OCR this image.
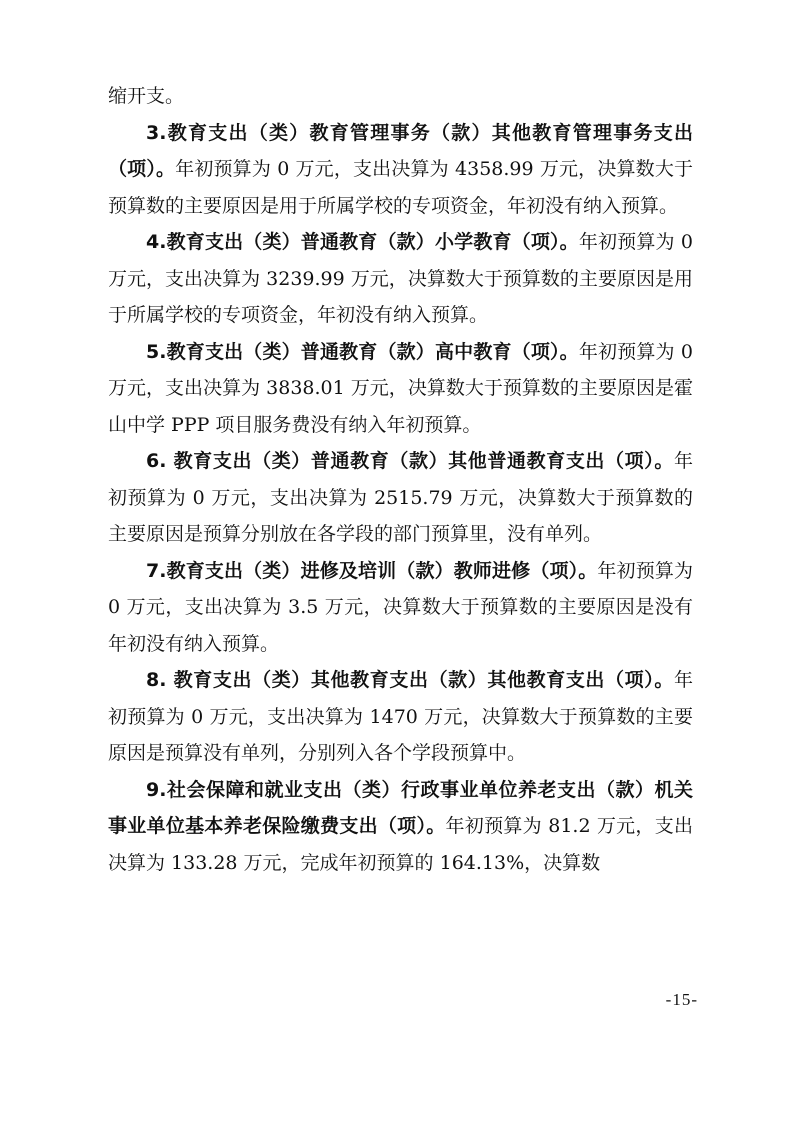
缩开支。

3.教育支出（类）教育管理事务（款）其他教育管理事务支出（项）。年初预算为 0 万元，支出决算为 4358.99 万元，决算数大于预算数的主要原因是用于所属学校的专项资金，年初没有纳入预算。

4.教育支出（类）普通教育（款）小学教育（项）。年初预算为 0 万元，支出决算为 3239.99 万元，决算数大于预算数的主要原因是用于所属学校的专项资金，年初没有纳入预算。

5.教育支出（类）普通教育（款）高中教育（项）。年初预算为 0 万元，支出决算为 3838.01 万元，决算数大于预算数的主要原因是霍山中学 PPP 项目服务费没有纳入年初预算。

6. 教育支出（类）普通教育（款）其他普通教育支出（项）。年初预算为 0 万元，支出决算为 2515.79 万元，决算数大于预算数的主要原因是预算分别放在各学段的部门预算里，没有单列。

7.教育支出（类）进修及培训（款）教师进修（项）。年初预算为 0 万元，支出决算为 3.5 万元，决算数大于预算数的主要原因是没有年初没有纳入预算。

8. 教育支出（类）其他教育支出（款）其他教育支出（项）。年初预算为 0 万元，支出决算为 1470 万元，决算数大于预算数的主要原因是预算没有单列，分别列入各个学段预算中。

9.社会保障和就业支出（类）行政事业单位养老支出（款）机关事业单位基本养老保险缴费支出（项）。年初预算为 81.2 万元，支出决算为 133.28 万元，完成年初预算的 164.13%，决算数

-15-
